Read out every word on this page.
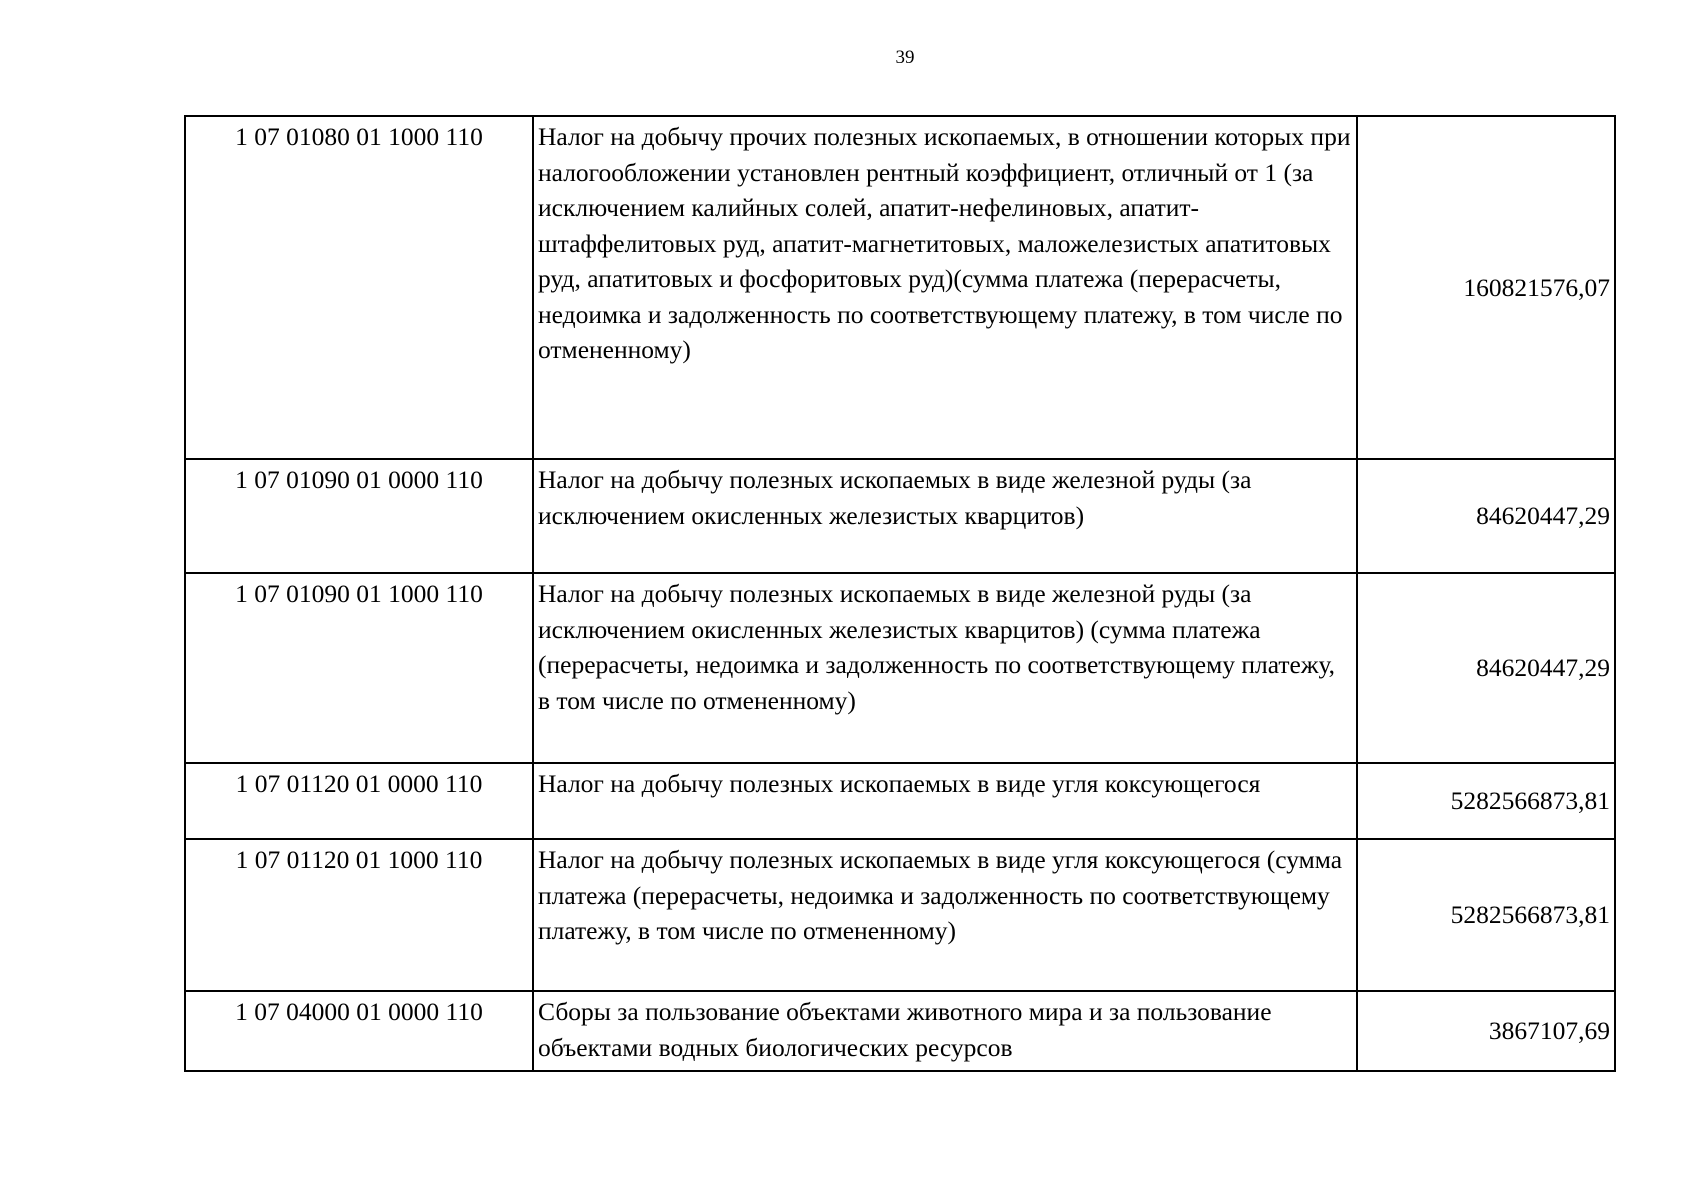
39
1 07 01080 01 1000 110	Налог на добычу прочих полезных ископаемых, в отношении которых при налогообложении установлен рентный коэффициент, отличный от 1 (за исключением калийных солей, апатит-нефелиновых, апатит-штаффелитовых руд, апатит-магнетитовых, маложелезистых апатитовых руд, апатитовых и фосфоритовых руд)(сумма платежа (перерасчеты, недоимка и задолженность по соответствующему платежу, в том числе по отмененному)	160821576,07
1 07 01090 01 0000 110	Налог на добычу полезных ископаемых в виде железной руды (за исключением окисленных железистых кварцитов)	84620447,29
1 07 01090 01 1000 110	Налог на добычу полезных ископаемых в виде железной руды (за исключением окисленных железистых кварцитов) (сумма платежа (перерасчеты, недоимка и задолженность по соответствующему платежу, в том числе по отмененному)	84620447,29
1 07 01120 01 0000 110	Налог на добычу полезных ископаемых в виде угля коксующегося	5282566873,81
1 07 01120 01 1000 110	Налог на добычу полезных ископаемых в виде угля коксующегося (сумма платежа (перерасчеты, недоимка и задолженность по соответствующему платежу, в том числе по отмененному)	5282566873,81
1 07 04000 01 0000 110	Сборы за пользование объектами животного мира и за пользование объектами водных биологических ресурсов	3867107,69
